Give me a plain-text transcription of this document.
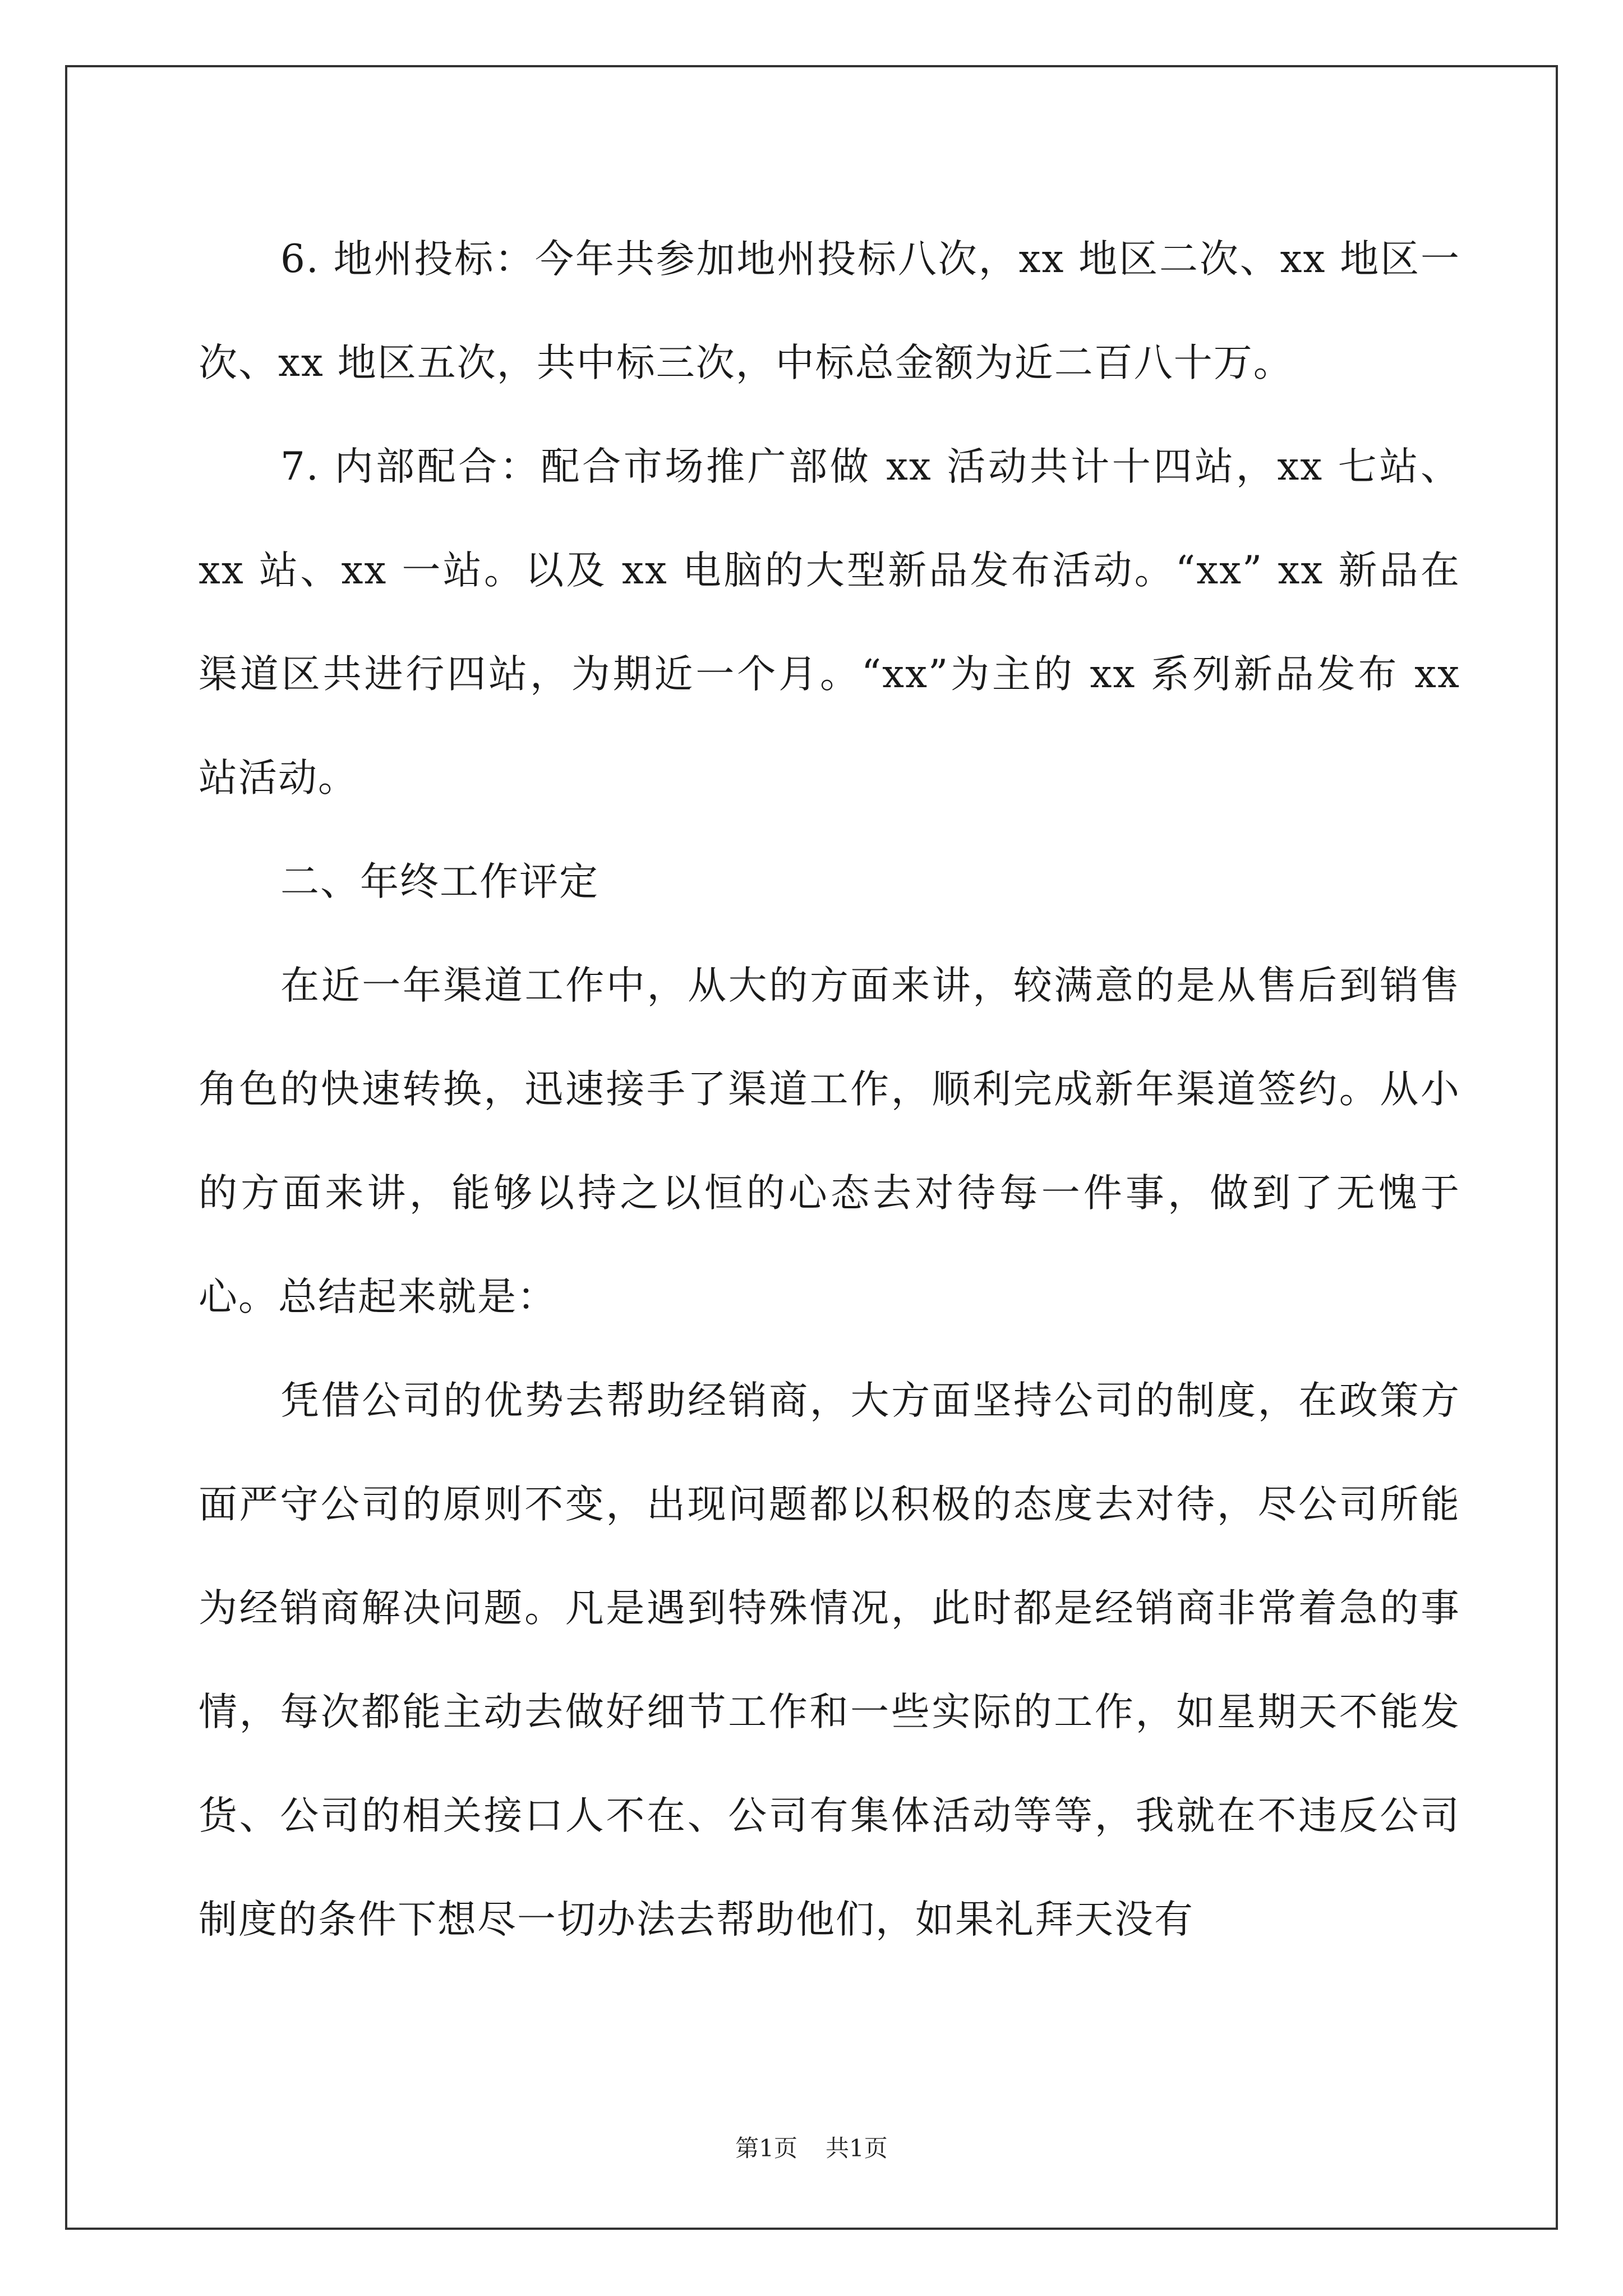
6. 地州投标：今年共参加地州投标八次，xx 地区二次、xx 地区一次、xx 地区五次，共中标三次，中标总金额为近二百八十万。

7. 内部配合：配合市场推广部做 xx 活动共计十四站，xx 七站、xx 站、xx 一站。以及 xx 电脑的大型新品发布活动。“xx” xx 新品在渠道区共进行四站，为期近一个月。“xx”为主的 xx 系列新品发布 xx 站活动。

二、年终工作评定

在近一年渠道工作中，从大的方面来讲，较满意的是从售后到销售角色的快速转换，迅速接手了渠道工作，顺利完成新年渠道签约。从小的方面来讲，能够以持之以恒的心态去对待每一件事，做到了无愧于心。总结起来就是：

凭借公司的优势去帮助经销商，大方面坚持公司的制度，在政策方面严守公司的原则不变，出现问题都以积极的态度去对待，尽公司所能为经销商解决问题。凡是遇到特殊情况，此时都是经销商非常着急的事情，每次都能主动去做好细节工作和一些实际的工作，如星期天不能发货、公司的相关接口人不在、公司有集体活动等等，我就在不违反公司制度的条件下想尽一切办法去帮助他们，如果礼拜天没有

第1页 共1页
